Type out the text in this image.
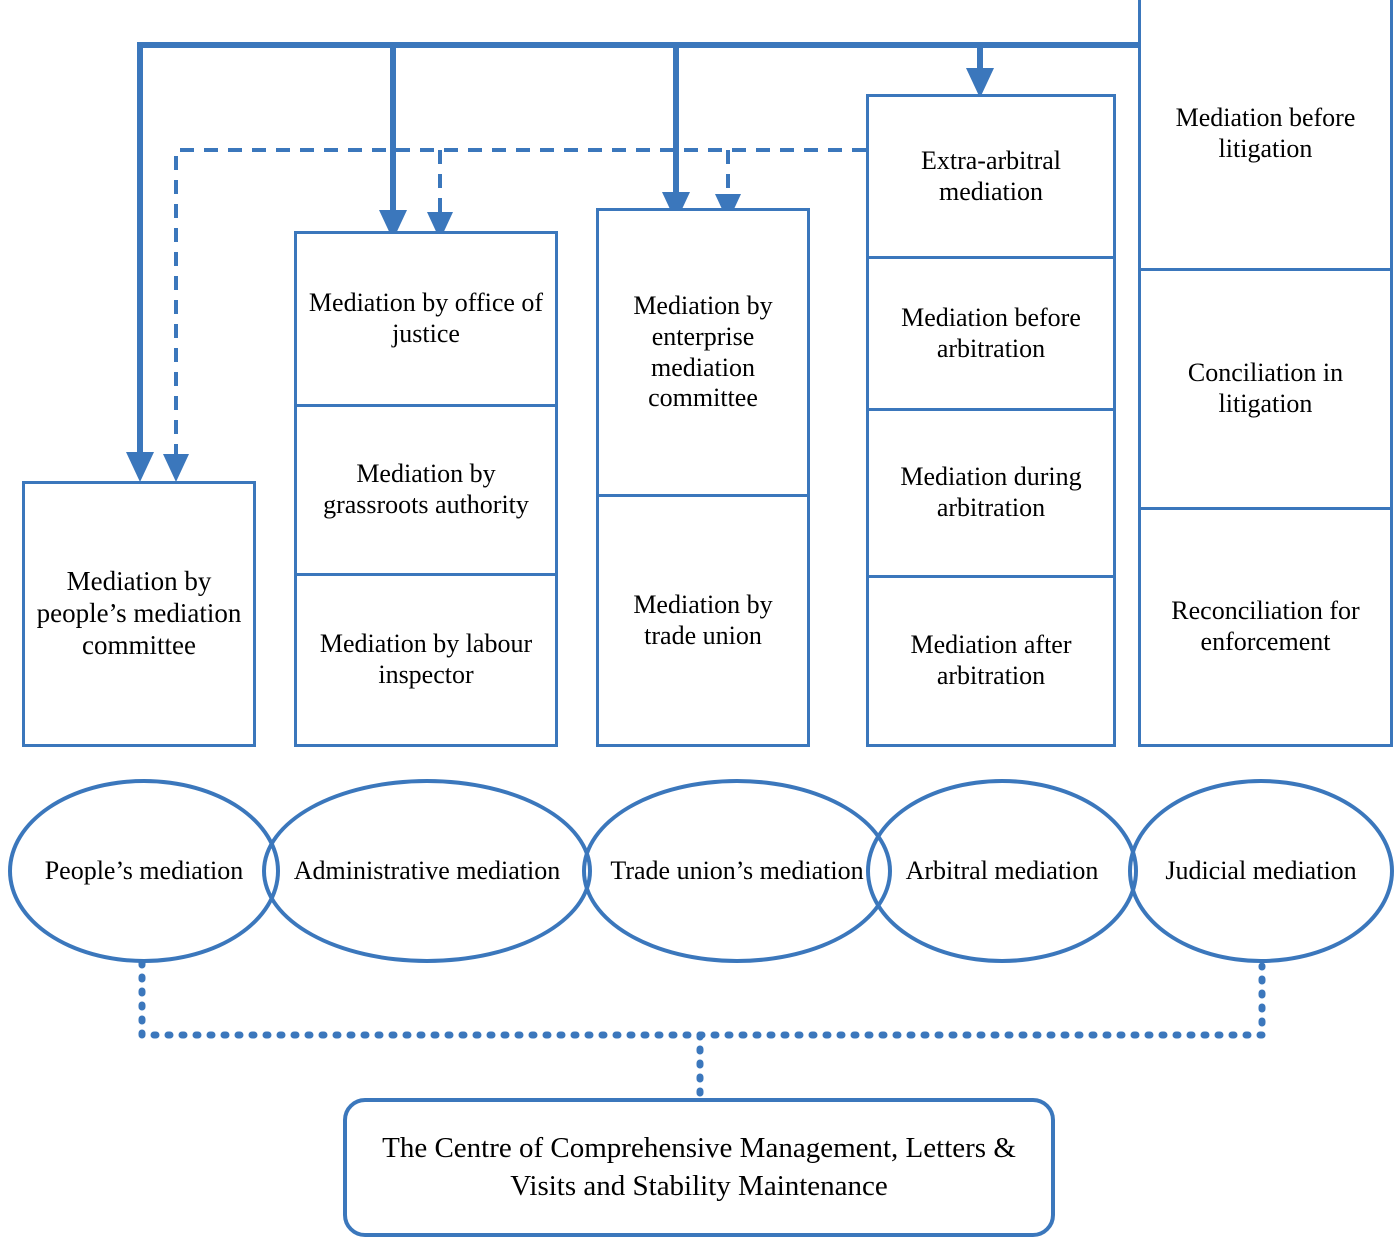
Mediation by people’s mediation committee
Mediation by office of justice
Mediation by grassroots authority
Mediation by labour inspector
Mediation by enterprise mediation committee
Mediation by trade union
Extra-arbitral mediation
Mediation before arbitration
Mediation during arbitration
Mediation after arbitration
Mediation before litigation
Conciliation in litigation
Reconciliation for enforcement
People’s mediation	Administrative mediation	Trade union’s mediation	Arbitral mediation	Judicial mediation
The Centre of Comprehensive Management, Letters & Visits and Stability Maintenance
